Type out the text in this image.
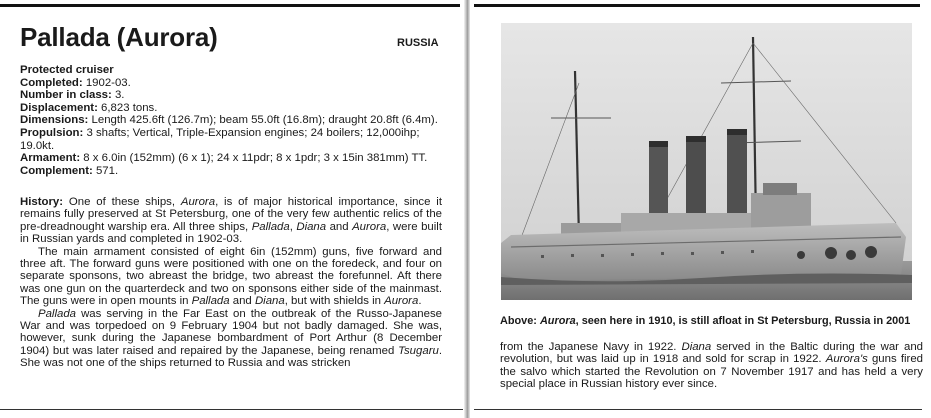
Pallada (Aurora)	RUSSIA
Protected cruiser
Completed: 1902-03.
Number in class: 3.
Displacement: 6,823 tons.
Dimensions: Length 425.6ft (126.7m); beam 55.0ft (16.8m); draught 20.8ft (6.4m).
Propulsion: 3 shafts; Vertical, Triple-Expansion engines; 24 boilers; 12,000ihp; 19.0kt.
Armament: 8 x 6.0in (152mm) (6 x 1); 24 x 11pdr; 8 x 1pdr; 3 x 15in 381mm) TT.
Complement: 571.

History: One of these ships, Aurora, is of major historical importance, since it remains fully preserved at St Petersburg, one of the very few authentic relics of the pre-dreadnought warship era. All three ships, Pallada, Diana and Aurora, were built in Russian yards and completed in 1902-03.

The main armament consisted of eight 6in (152mm) guns, five forward and three aft. The forward guns were positioned with one on the foredeck, and four on separate sponsons, two abreast the bridge, two abreast the forefunnel. Aft there was one gun on the quarterdeck and two on sponsons either side of the mainmast. The guns were in open mounts in Pallada and Diana, but with shields in Aurora.

Pallada was serving in the Far East on the outbreak of the Russo-Japanese War and was torpedoed on 9 February 1904 but not badly damaged. She was, however, sunk during the Japanese bombardment of Port Arthur (8 December 1904) but was later raised and repaired by the Japanese, being renamed Tsugaru. She was not one of the ships returned to Russia and was stricken

Above: Aurora, seen here in 1910, is still afloat in St Petersburg, Russia in 2001

from the Japanese Navy in 1922. Diana served in the Baltic during the war and revolution, but was laid up in 1918 and sold for scrap in 1922. Aurora's guns fired the salvo which started the Revolution on 7 November 1917 and has held a very special place in Russian history ever since.
